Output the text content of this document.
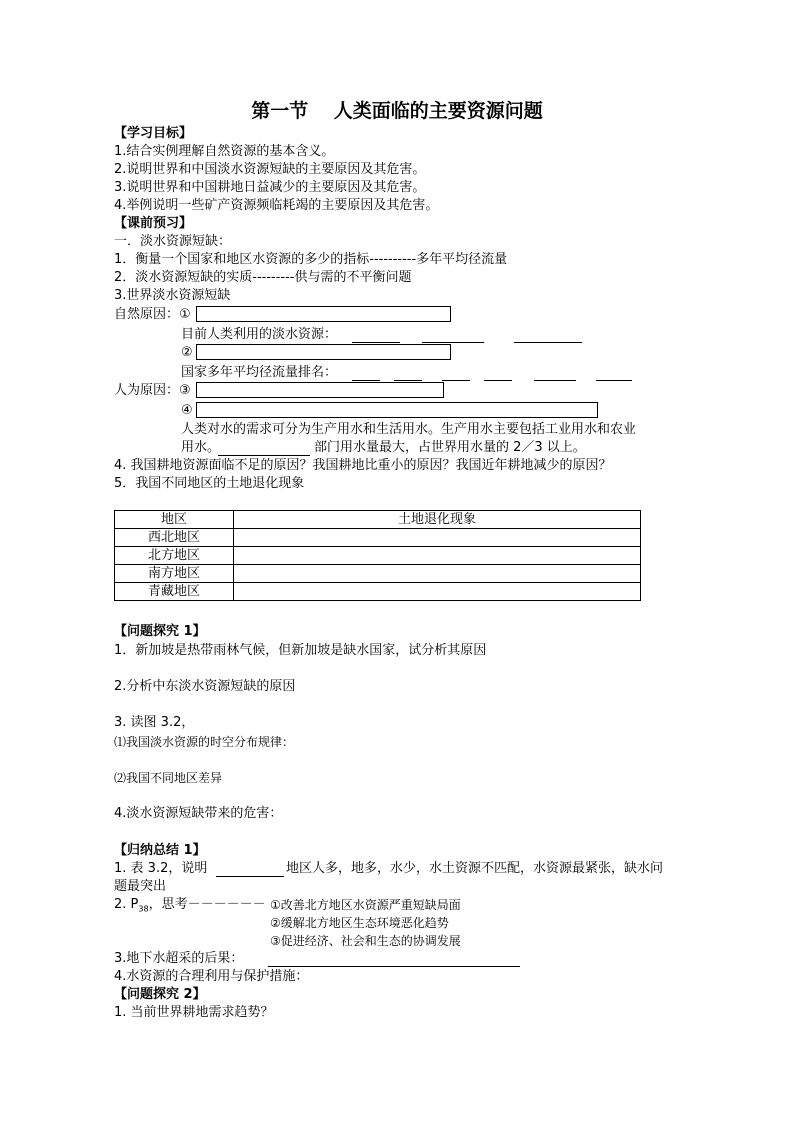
第一节　 人类面临的主要资源问题
【学习目标】
1.结合实例理解自然资源的基本含义。
2.说明世界和中国淡水资源短缺的主要原因及其危害。
3.说明世界和中国耕地日益减少的主要原因及其危害。
4.举例说明一些矿产资源频临耗竭的主要原因及其危害。
【课前预习】
一．淡水资源短缺：
1．衡量一个国家和地区水资源的多少的指标----------多年平均径流量
2．淡水资源短缺的实质---------供与需的不平衡问题
3.世界淡水资源短缺
自然原因：①
目前人类利用的淡水资源：
②
国家多年平均径流量排名：
人为原因：③
④
人类对水的需求可分为生产用水和生活用水。生产用水主要包括工业用水和农业
用水。	部门用水量最大，占世界用水量的 2／3 以上。
4. 我国耕地资源面临不足的原因？我国耕地比重小的原因？我国近年耕地减少的原因？
5．我国不同地区的土地退化现象
地区	土地退化现象
西北地区	
北方地区	
南方地区	
青藏地区	
【问题探究 1】
1．新加坡是热带雨林气候，但新加坡是缺水国家，试分析其原因
2.分析中东淡水资源短缺的原因
3. 读图 3.2，
⑴我国淡水资源的时空分布规律：
⑵我国不同地区差异
4.淡水资源短缺带来的危害：
【归纳总结 1】
1. 表 3.2，说明	地区人多，地多，水少，水土资源不匹配，水资源最紧张，缺水问
题最突出
2. $P_{38}$，思考－－－－－－ ①改善北方地区水资源严重短缺局面
②缓解北方地区生态环境恶化趋势
③促进经济、社会和生态的协调发展
3.地下水超采的后果：
4.水资源的合理利用与保护措施：
【问题探究 2】
1. 当前世界耕地需求趋势？
